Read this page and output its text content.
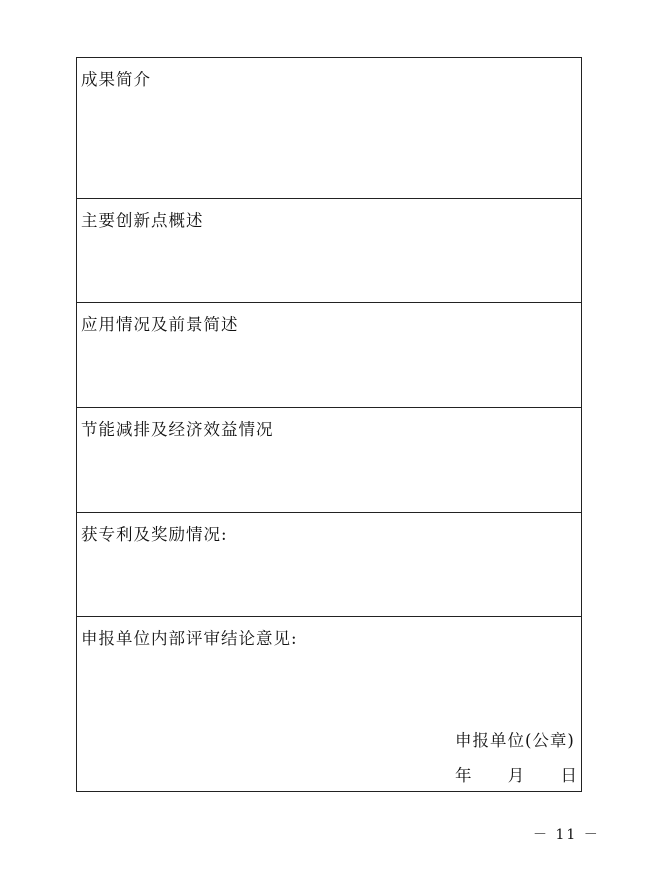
成果简介
主要创新点概述
应用情况及前景简述
节能减排及经济效益情况
获专利及奖励情况:
申报单位内部评审结论意见:
申报单位(公章)
年 月 日
－ 11 －
